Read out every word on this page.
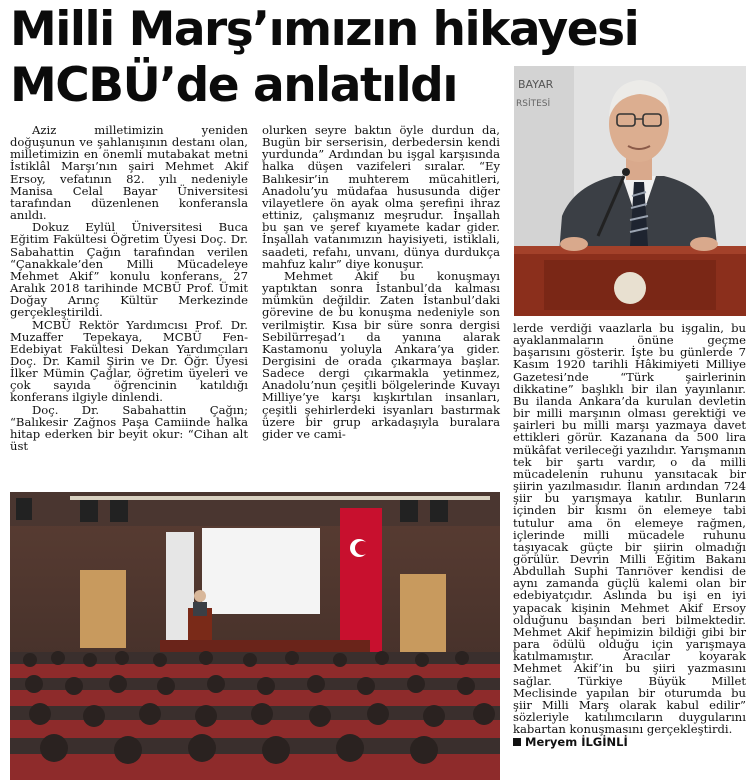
Milli Marş’ımızın hikayesi
MCBÜ’de anlatıldı	BAYAR
RSİTESİ

Aziz milletimizin yeniden doğuşunun ve şahlanışının destanı olan, milletimizin en önemli mutabakat metni İstiklâl Marşı’nın şairi Mehmet Akif Ersoy, vefatının 82. yılı nedeniyle Manisa Celal Bayar Üniversitesi tarafından düzenlenen konferansla anıldı.

Dokuz Eylül Üniversitesi Buca Eğitim Fakültesi Öğretim Üyesi Doç. Dr. Sabahattin Çağın tarafından verilen “Çanakkale’den Milli Mücadeleye Mehmet Akif” konulu konferans, 27 Aralık 2018 tarihinde MCBÜ Prof. Ümit Doğay Arınç Kültür Merkezinde gerçekleştirildi.

MCBÜ Rektör Yardımcısı Prof. Dr. Muzaffer Tepekaya, MCBÜ Fen-Edebiyat Fakültesi Dekan Yardımcıları Doç. Dr. Kamil Şirin ve Dr. Öğr. Üyesi İlker Mümin Çağlar, öğretim üyeleri ve çok sayıda öğrencinin katıldığı konferans ilgiyle dinlendi.

Doç. Dr. Sabahattin Çağın; “Balıkesir Zağnos Paşa Camiinde halka hitap ederken bir beyit okur: “Cihan alt üst

olurken seyre baktın öyle durdun da, Bugün bir serserisin, derbedersin kendi yurdunda” Ardından bu işgal karşısında halka düşen vazifeleri sıralar. “Ey Balıkesir’in muhterem mücahitleri, Anadolu’yu müdafaa hususunda diğer vilayetlere ön ayak olma şerefini ihraz ettiniz, çalışmanız meşrudur. İnşallah bu şan ve şeref kıyamete kadar gider. İnşallah vatanımızın hayisiyeti, istiklali, saadeti, refahı, unvanı, dünya durdukça mahfuz kalır” diye konuşur.

Mehmet Akif bu konuşmayı yaptıktan sonra İstanbul’da kalması mümkün değildir. Zaten İstanbul’daki görevine de bu konuşma nedeniyle son verilmiştir. Kısa bir süre sonra dergisi Sebilürreşad’ı da yanına alarak Kastamonu yoluyla Ankara’ya gider. Dergisini de orada çıkarmaya başlar. Sadece dergi çıkarmakla yetinmez, Anadolu’nun çeşitli bölgelerinde Kuvayı Milliye’ye karşı kışkırtılan insanları, çeşitli şehirlerdeki isyanları bastırmak üzere bir grup arkadaşıyla buralara gider ve cami-

lerde verdiği vaazlarla bu işgalin, bu ayaklanmaların önüne geçme başarısını gösterir. İşte bu günlerde 7 Kasım 1920 tarihli Hâkimiyeti Milliye Gazetesi’nde “Türk şairlerinin dikkatine” başlıklı bir ilan yayınlanır. Bu ilanda Ankara’da kurulan devletin bir milli marşının olması gerektiği ve şairleri bu milli marşı yazmaya davet ettikleri görür. Kazanana da 500 lira mükâfat verileceği yazılıdır. Yarışmanın tek bir şartı vardır, o da milli mücadelenin ruhunu yansıtacak bir şiirin yazılmasıdır. İlanın ardından 724 şiir bu yarışmaya katılır. Bunların içinden bir kısmı ön elemeye tabi tutulur ama ön elemeye rağmen, içlerinde milli mücadele ruhunu taşıyacak güçte bir şiirin olmadığı görülür. Devrin Milli Eğitim Bakanı Abdullah Suphi Tanrıöver kendisi de aynı zamanda güçlü kalemi olan bir edebiyatçıdır. Aslında bu işi en iyi yapacak kişinin Mehmet Akif Ersoy olduğunu başından beri bilmektedir. Mehmet Akif hepimizin bildiği gibi bir para ödülü olduğu için yarışmaya katılmamıştır. Aracılar koyarak Mehmet Akif’in bu şiiri yazmasını sağlar. Türkiye Büyük Millet Meclisinde yapılan bir oturumda bu şiir Milli Marş olarak kabul edilir” sözleriyle katılımcıların duygularını kabartan konuşmasını gerçekleştirdi.

Meryem İLGİNLİ
